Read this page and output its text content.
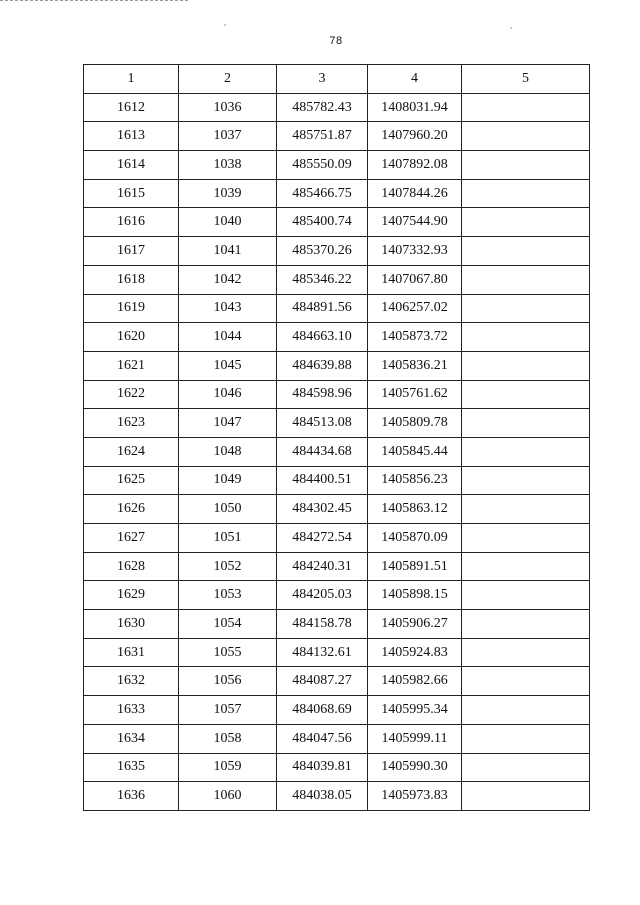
78
1	2	3	4	5
1612	1036	485782.43	1408031.94	
1613	1037	485751.87	1407960.20	
1614	1038	485550.09	1407892.08	
1615	1039	485466.75	1407844.26	
1616	1040	485400.74	1407544.90	
1617	1041	485370.26	1407332.93	
1618	1042	485346.22	1407067.80	
1619	1043	484891.56	1406257.02	
1620	1044	484663.10	1405873.72	
1621	1045	484639.88	1405836.21	
1622	1046	484598.96	1405761.62	
1623	1047	484513.08	1405809.78	
1624	1048	484434.68	1405845.44	
1625	1049	484400.51	1405856.23	
1626	1050	484302.45	1405863.12	
1627	1051	484272.54	1405870.09	
1628	1052	484240.31	1405891.51	
1629	1053	484205.03	1405898.15	
1630	1054	484158.78	1405906.27	
1631	1055	484132.61	1405924.83	
1632	1056	484087.27	1405982.66	
1633	1057	484068.69	1405995.34	
1634	1058	484047.56	1405999.11	
1635	1059	484039.81	1405990.30	
1636	1060	484038.05	1405973.83	
